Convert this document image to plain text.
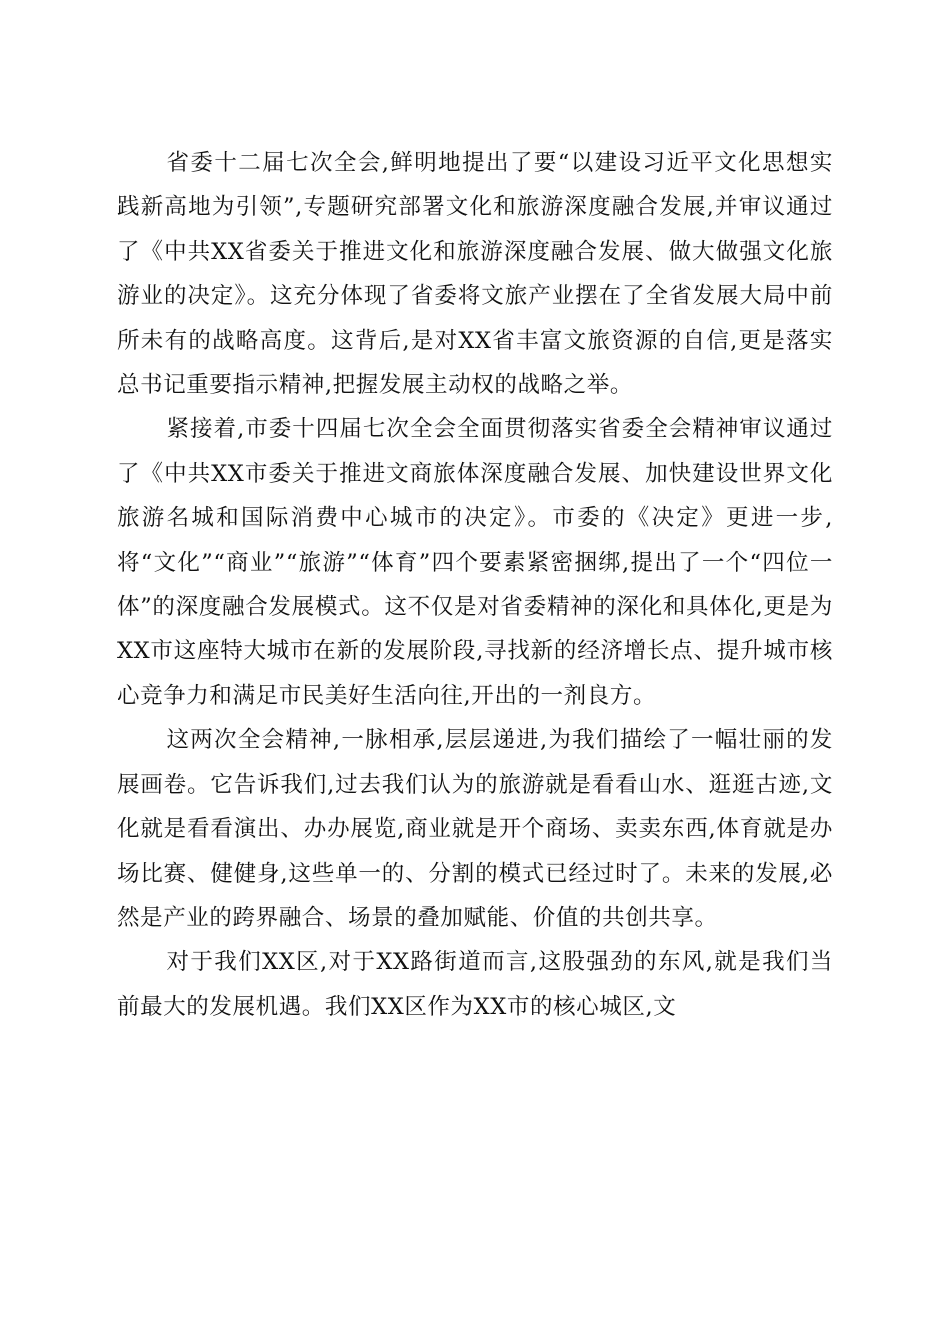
省委十二届七次全会,鲜明地提出了要“以建设习近平文化思想实践新高地为引领”,专题研究部署文化和旅游深度融合发展,并审议通过了《中共XX省委关于推进文化和旅游深度融合发展、做大做强文化旅游业的决定》。这充分体现了省委将文旅产业摆在了全省发展大局中前所未有的战略高度。这背后,是对XX省丰富文旅资源的自信,更是落实总书记重要指示精神,把握发展主动权的战略之举。

紧接着,市委十四届七次全会全面贯彻落实省委全会精神审议通过了《中共XX市委关于推进文商旅体深度融合发展、加快建设世界文化旅游名城和国际消费中心城市的决定》。市委的《决定》更进一步,将“文化”“商业”“旅游”“体育”四个要素紧密捆绑,提出了一个“四位一体”的深度融合发展模式。这不仅是对省委精神的深化和具体化,更是为XX市这座特大城市在新的发展阶段,寻找新的经济增长点、提升城市核心竞争力和满足市民美好生活向往,开出的一剂良方。

这两次全会精神,一脉相承,层层递进,为我们描绘了一幅壮丽的发展画卷。它告诉我们,过去我们认为的旅游就是看看山水、逛逛古迹,文化就是看看演出、办办展览,商业就是开个商场、卖卖东西,体育就是办场比赛、健健身,这些单一的、分割的模式已经过时了。未来的发展,必然是产业的跨界融合、场景的叠加赋能、价值的共创共享。

对于我们XX区,对于XX路街道而言,这股强劲的东风,就是我们当前最大的发展机遇。我们XX区作为XX市的核心城区,文
